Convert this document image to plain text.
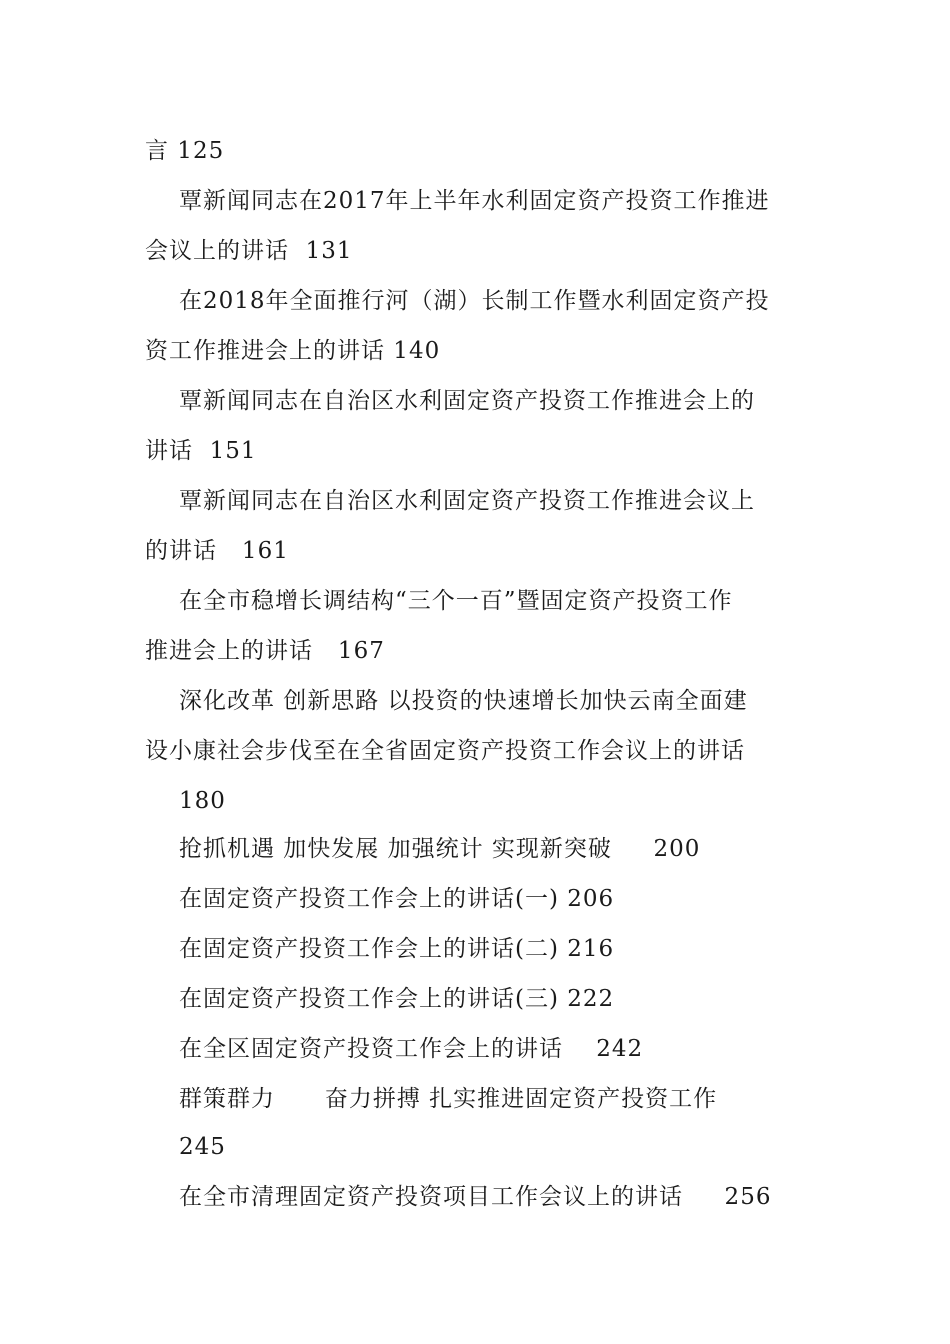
言 125
覃新闻同志在2017年上半年水利固定资产投资工作推进
会议上的讲话  131
在2018年全面推行河（湖）长制工作暨水利固定资产投
资工作推进会上的讲话 140
覃新闻同志在自治区水利固定资产投资工作推进会上的
讲话  151
覃新闻同志在自治区水利固定资产投资工作推进会议上
的讲话   161
在全市稳增长调结构“三个一百”暨固定资产投资工作
推进会上的讲话   167
深化改革 创新思路 以投资的快速增长加快云南全面建
设小康社会步伐至在全省固定资产投资工作会议上的讲话
180
抢抓机遇 加快发展 加强统计 实现新突破     200
在固定资产投资工作会上的讲话(一) 206
在固定资产投资工作会上的讲话(二) 216
在固定资产投资工作会上的讲话(三) 222
在全区固定资产投资工作会上的讲话    242
群策群力      奋力拼搏 扎实推进固定资产投资工作
245
在全市清理固定资产投资项目工作会议上的讲话     256
